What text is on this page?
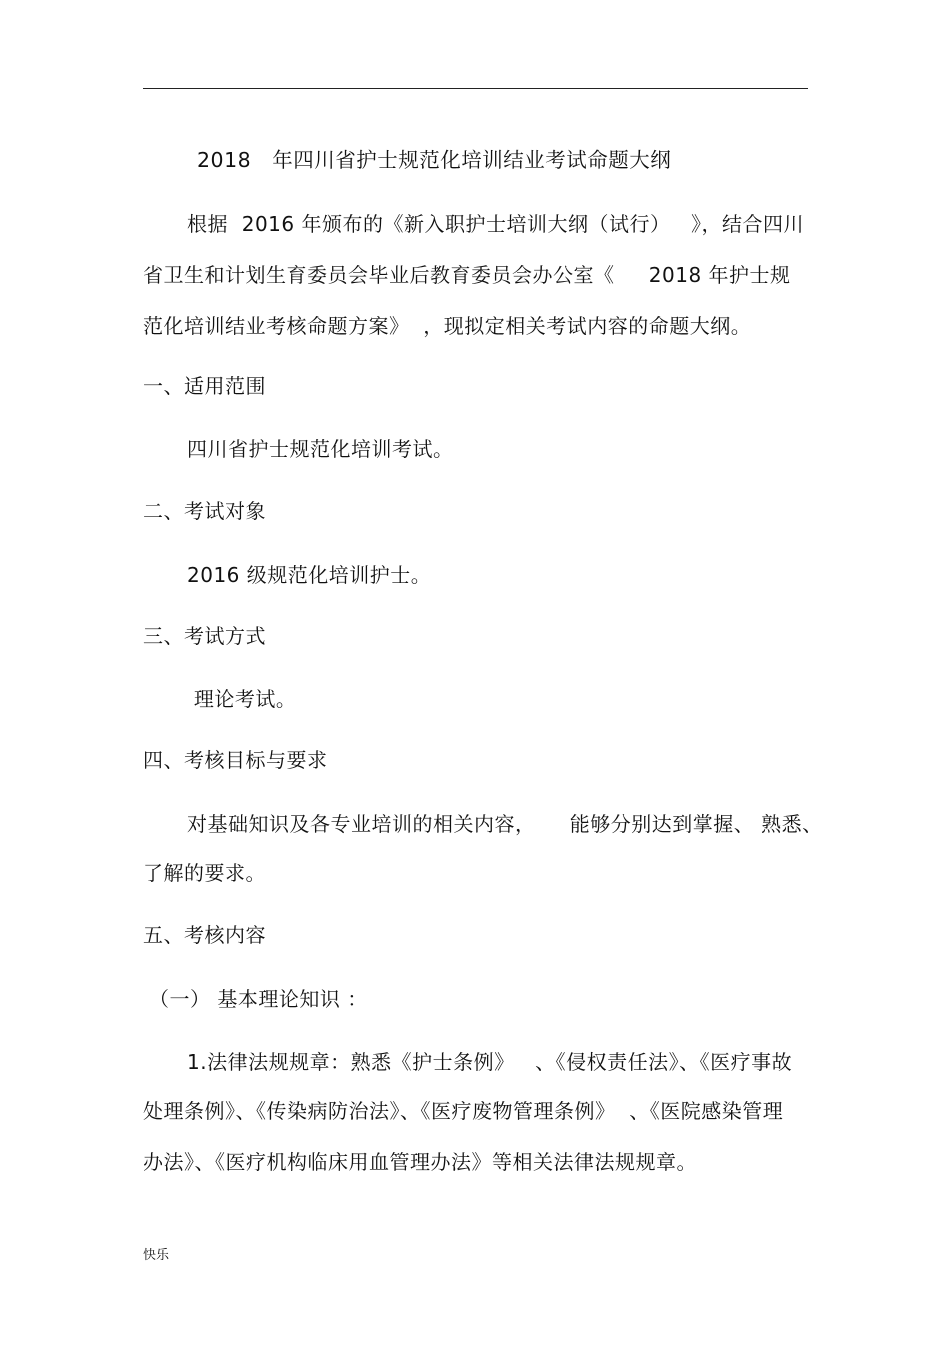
2018   年四川省护士规范化培训结业考试命题大纲
根据  2016 年颁布的《新入职护士培训大纲（试行）   》，结合四川
省卫生和计划生育委员会毕业后教育委员会办公室《     2018 年护士规
范化培训结业考核命题方案》  ，现拟定相关考试内容的命题大纲。
一、适用范围
四川省护士规范化培训考试。
二、考试对象
2016 级规范化培训护士。
三、考试方式
理论考试。
四、考核目标与要求
对基础知识及各专业培训的相关内容，     能够分别达到掌握、 熟悉、
了解的要求。
五、考核内容
（一） 基本理论知识 ：
1.法律法规规章：熟悉《护士条例》   、《侵权责任法》、《医疗事故
处理条例》、《传染病防治法》、《医疗废物管理条例》  、《医院感染管理
办法》、《医疗机构临床用血管理办法》等相关法律法规规章。
快乐
